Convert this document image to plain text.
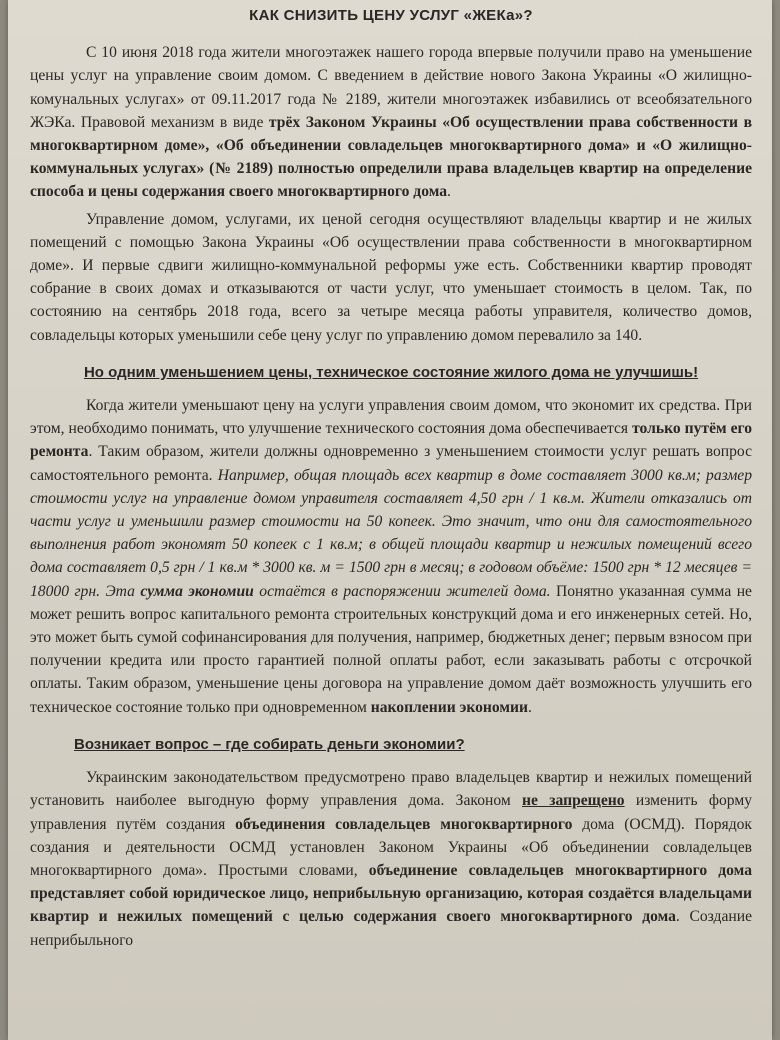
КАК СНИЗИТЬ ЦЕНУ УСЛУГ «ЖЕКа»?

С 10 июня 2018 года жители многоэтажек нашего города впервые получили право на уменьшение цены услуг на управление своим домом. С введением в действие нового Закона Украины «О жилищно-комунальных услугах» от 09.11.2017 года № 2189, жители многоэтажек избавились от всеобязательного ЖЭКа. Правовой механизм в виде трёх Законом Украины «Об осуществлении права собственности в многоквартирном доме», «Об объединении совладельцев многоквартирного дома» и «О жилищно-коммунальных услугах» (№ 2189) полностью определили права владельцев квартир на определение способа и цены содержания своего многоквартирного дома.

Управление домом, услугами, их ценой сегодня осуществляют владельцы квартир и не жилых помещений с помощью Закона Украины «Об осуществлении права собственности в многоквартирном доме». И первые сдвиги жилищно-коммунальной реформы уже есть. Собственники квартир проводят собрание в своих домах и отказываются от части услуг, что уменьшает стоимость в целом. Так, по состоянию на сентябрь 2018 года, всего за четыре месяца работы управителя, количество домов, совладельцы которых уменьшили себе цену услуг по управлению домом перевалило за 140.

Но одним уменьшением цены, техническое состояние жилого дома не улучшишь!

Когда жители уменьшают цену на услуги управления своим домом, что экономит их средства. При этом, необходимо понимать, что улучшение технического состояния дома обеспечивается только путём его ремонта. Таким образом, жители должны одновременно з уменьшением стоимости услуг решать вопрос самостоятельного ремонта. Например, общая площадь всех квартир в доме составляет 3000 кв.м; размер стоимости услуг на управление домом управителя составляет 4,50 грн / 1 кв.м. Жители отказались от части услуг и уменьшили размер стоимости на 50 копеек. Это значит, что они для самостоятельного выполнения работ экономят 50 копеек с 1 кв.м; в общей площади квартир и нежилых помещений всего дома составляет 0,5 грн / 1 кв.м * 3000 кв. м = 1500 грн в месяц; в годовом объёме: 1500 грн * 12 месяцев = 18000 грн. Эта сумма экономии остаётся в распоряжении жителей дома. Понятно указанная сумма не может решить вопрос капитального ремонта строительных конструкций дома и его инженерных сетей. Но, это может быть сумой софинансирования для получения, например, бюджетных денег; первым взносом при получении кредита или просто гарантией полной оплаты работ, если заказывать работы с отсрочкой оплаты. Таким образом, уменьшение цены договора на управление домом даёт возможность улучшить его техническое состояние только при одновременном накоплении экономии.

Возникает вопрос – где собирать деньги экономии?

Украинским законодательством предусмотрено право владельцев квартир и нежилых помещений установить наиболее выгодную форму управления дома. Законом не запрещено изменить форму управления путём создания объединения совладельцев многоквартирного дома (ОСМД). Порядок создания и деятельности ОСМД установлен Законом Украины «Об объединении совладельцев многоквартирного дома». Простыми словами, объединение совладельцев многоквартирного дома представляет собой юридическое лицо, неприбыльную организацию, которая создаётся владельцами квартир и нежилых помещений с целью содержания своего многоквартирного дома. Создание неприбыльного
